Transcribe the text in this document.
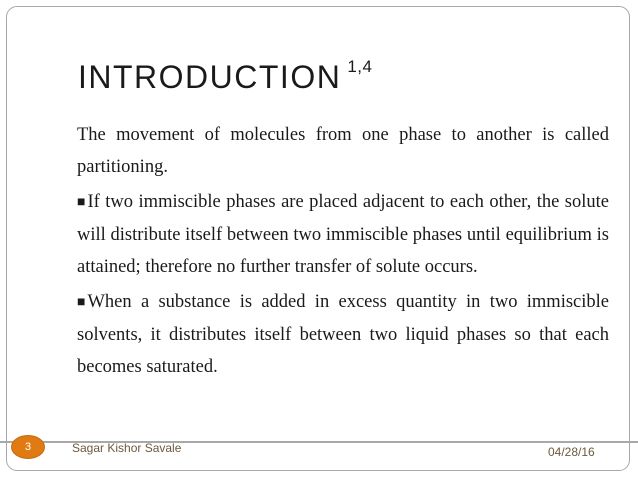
INTRODUCTION $^{1,4}$

The movement of molecules from one phase to another is called partitioning.

■ If two immiscible phases are placed adjacent to each other, the solute will distribute itself between two immiscible phases until equilibrium is attained; therefore no further transfer of solute occurs.

■ When a substance is added in excess quantity in two immiscible solvents, it distributes itself between two liquid phases so that each becomes saturated.

3	Sagar Kishor Savale	04/28/16
